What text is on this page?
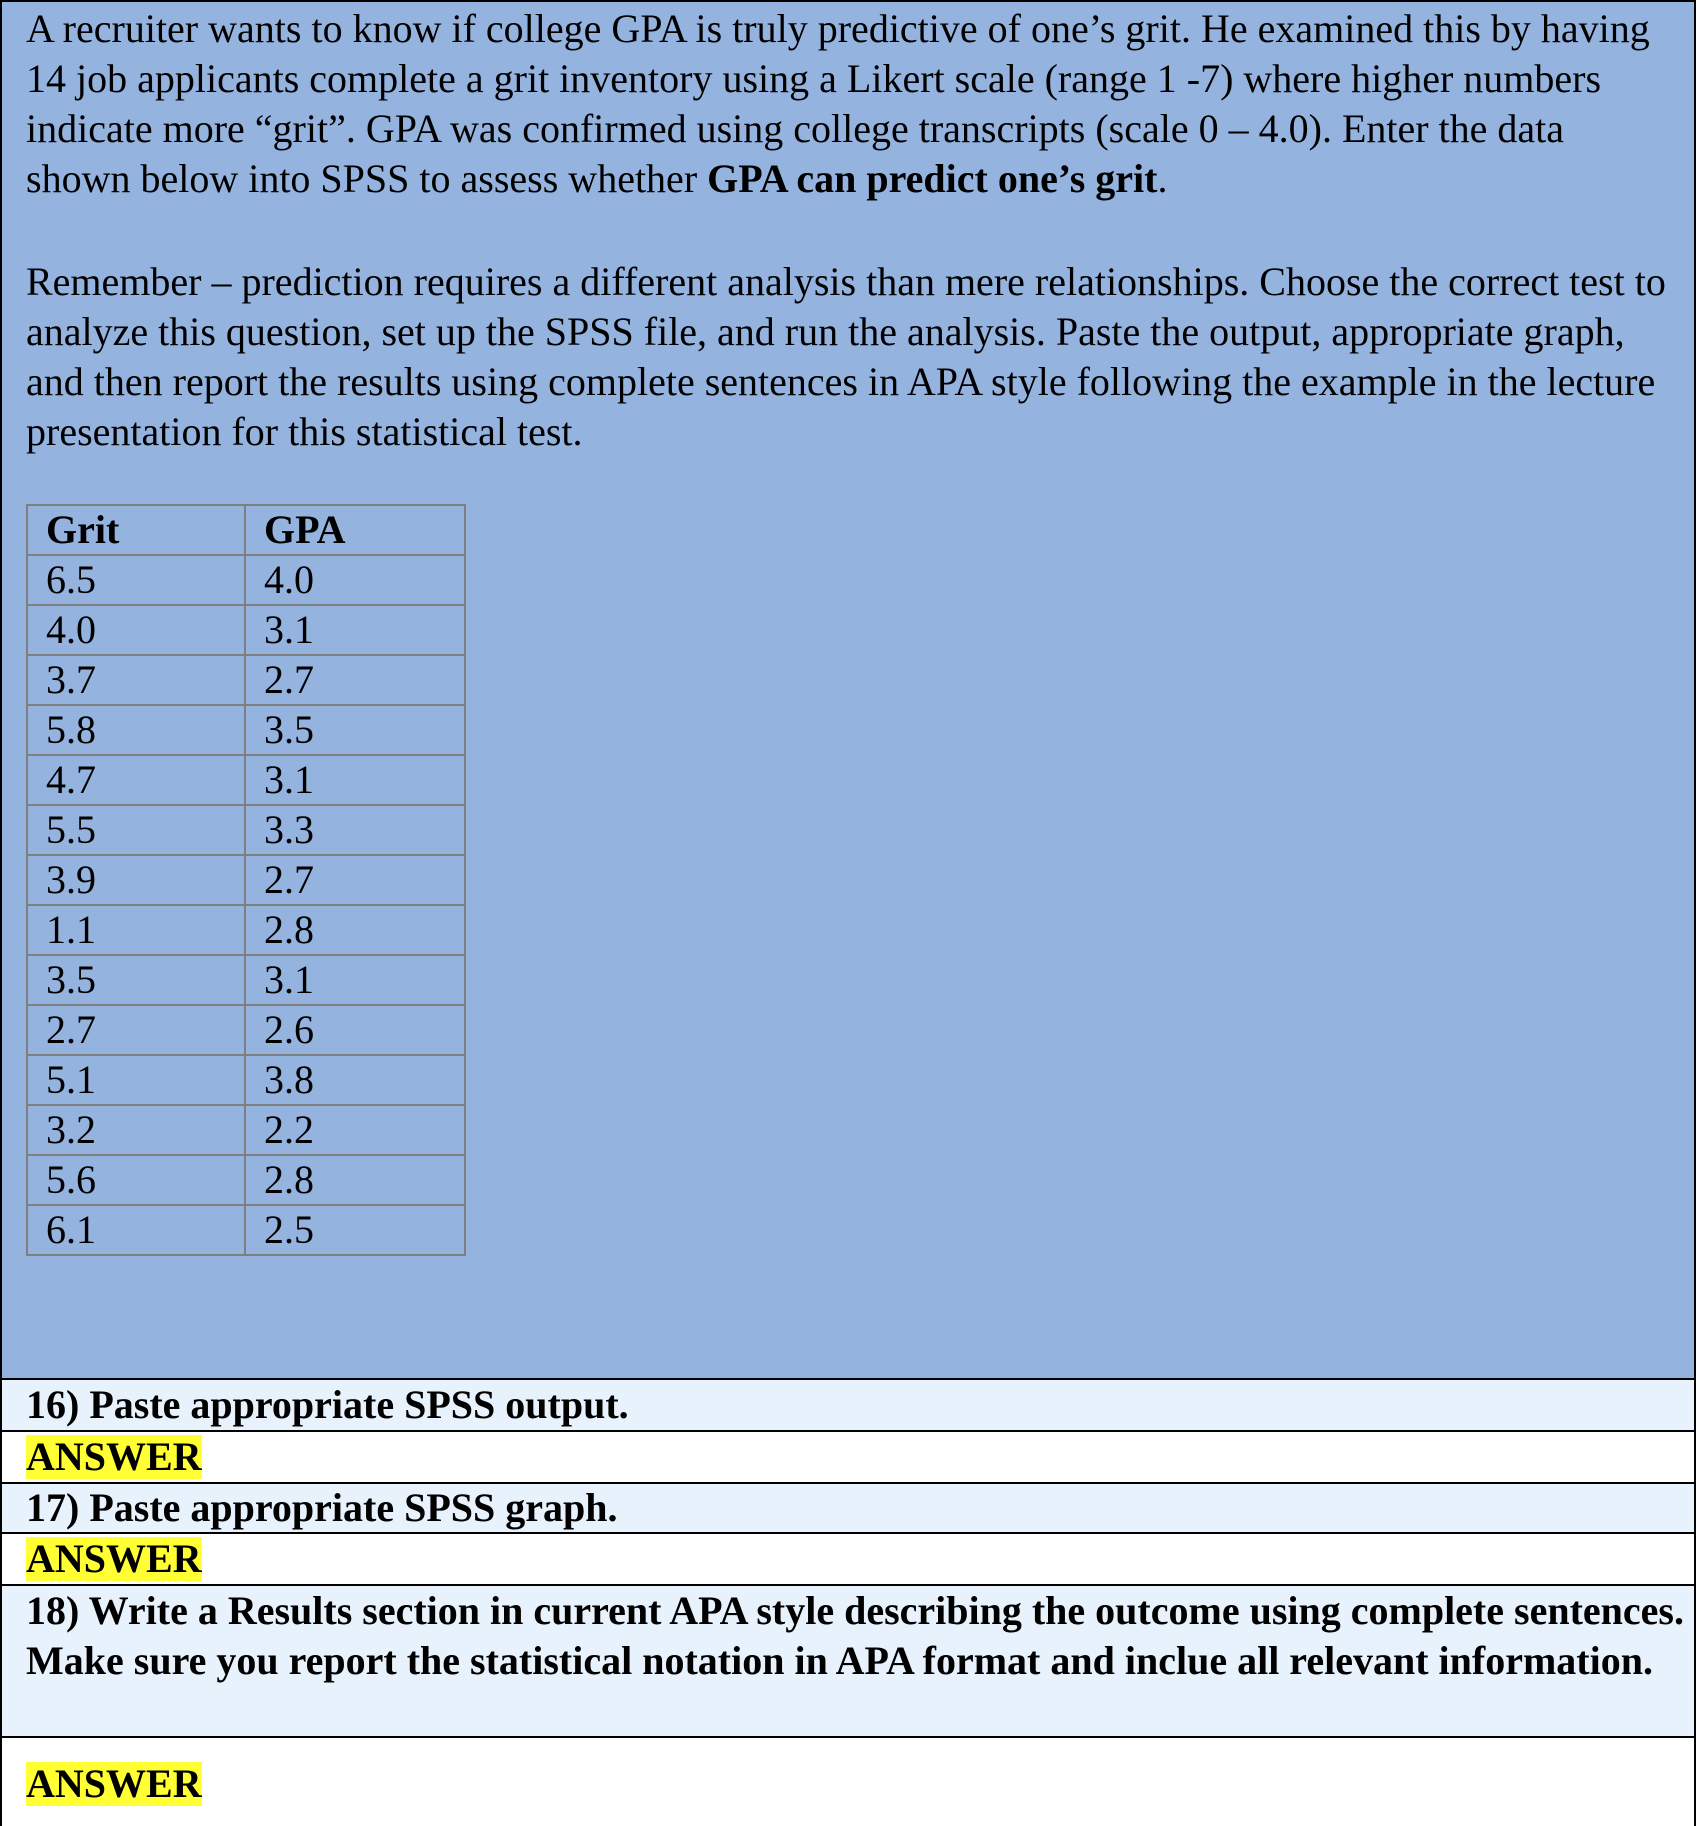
A recruiter wants to know if college GPA is truly predictive of one’s grit. He examined this by having 14 job applicants complete a grit inventory using a Likert scale (range 1 -7) where higher numbers indicate more “grit”. GPA was confirmed using college transcripts (scale 0 – 4.0). Enter the data shown below into SPSS to assess whether GPA can predict one’s grit.

Remember – prediction requires a different analysis than mere relationships. Choose the correct test to analyze this question, set up the SPSS file, and run the analysis. Paste the output, appropriate graph, and then report the results using complete sentences in APA style following the example in the lecture presentation for this statistical test.

Grit	GPA
6.5	4.0
4.0	3.1
3.7	2.7
5.8	3.5
4.7	3.1
5.5	3.3
3.9	2.7
1.1	2.8
3.5	3.1
2.7	2.6
5.1	3.8
3.2	2.2
5.6	2.8
6.1	2.5
16) Paste appropriate SPSS output.
ANSWER
17) Paste appropriate SPSS graph.
ANSWER
18) Write a Results section in current APA style describing the outcome using complete sentences. Make sure you report the statistical notation in APA format and inclue all relevant information.
ANSWER
